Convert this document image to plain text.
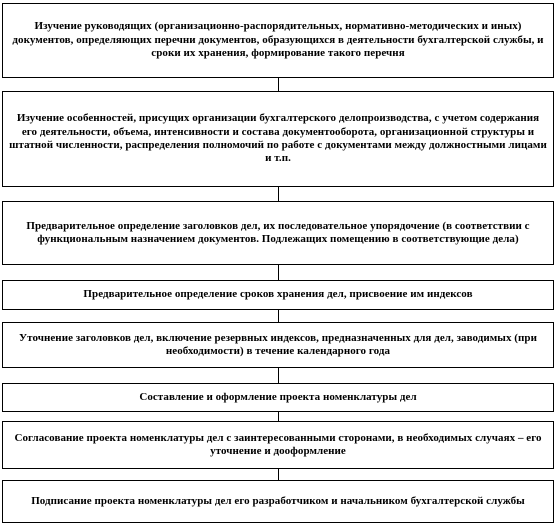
Изучение руководящих (организационно-распорядительных, нормативно-методических и иных) документов, определяющих перечни документов, образующихся в деятельности бухгалтерской службы, и сроки их хранения, формирование такого перечня
Изучение особенностей, присущих организации бухгалтерского делопроизводства, с учетом содержания его деятельности, объема, интенсивности и состава документооборота, организационной структуры и штатной численности, распределения полномочий по работе с документами между должностными лицами и т.п.
Предварительное определение заголовков дел, их последовательное упорядочение (в соответствии с функциональным назначением документов. Подлежащих помещению в соответствующие дела)
Предварительное определение сроков хранения дел, присвоение им индексов
Уточнение заголовков дел, включение резервных индексов, предназначенных для дел, заводимых (при необходимости) в течение календарного года
Составление и оформление проекта номенклатуры дел
Согласование проекта номенклатуры дел с заинтересованными сторонами, в необходимых случаях – его уточнение и дооформление
Подписание проекта номенклатуры дел его разработчиком и начальником бухгалтерской службы
